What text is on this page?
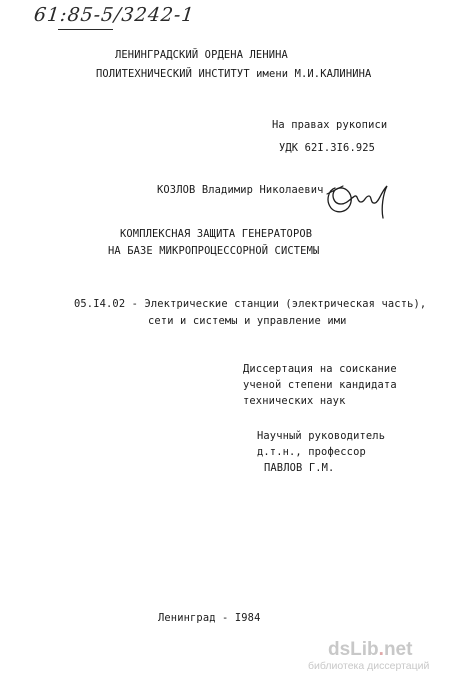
61:85-5/3242-1
ЛЕНИНГРАДСКИЙ ОРДЕНА ЛЕНИНА
ПОЛИТЕХНИЧЕСКИЙ ИНСТИТУТ имени М.И.КАЛИНИНА
На правах рукописи
УДК 62I.3I6.925
КОЗЛОВ Владимир Николаевич
КОМПЛЕКСНАЯ ЗАЩИТА ГЕНЕРАТОРОВ
НА БАЗЕ МИКРОПРОЦЕССОРНОЙ СИСТЕМЫ
05.I4.02 - Электрические станции (электрическая часть),
сети и системы и управление ими
Диссертация на соискание
ученой степени кандидата
технических наук
Научный руководитель
д.т.н., профессор
ПАВЛОВ Г.М.
Ленинград - I984
dsLib.net
библиотека диссертаций
